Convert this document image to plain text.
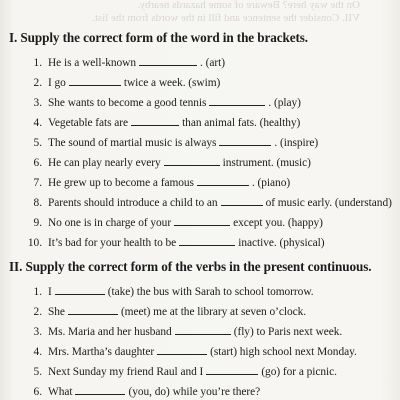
On the way here? Beware of some hazards nearby.
VII. Consider the sentence and fill in the words from the list.
I. Supply the correct form of the word in the brackets.
1. He is a well-known	. (art)
2. I go	twice a week. (swim)
3. She wants to become a good tennis	. (play)
4. Vegetable fats are	than animal fats. (healthy)
5. The sound of martial music is always	. (inspire)
6. He can play nearly every	instrument. (music)
7. He grew up to become a famous	. (piano)
8. Parents should introduce a child to an	of music early. (understand)
9. No one is in charge of your	except you. (happy)
10. It’s bad for your health to be	inactive. (physical)
II. Supply the correct form of the verbs in the present continuous.
1. I	(take) the bus with Sarah to school tomorrow.
2. She	(meet) me at the library at seven o’clock.
3. Ms. Maria and her husband	(fly) to Paris next week.
4. Mrs. Martha’s daughter	(start) high school next Monday.
5. Next Sunday my friend Raul and I	(go) for a picnic.
6. What	(you, do) while you’re there?
